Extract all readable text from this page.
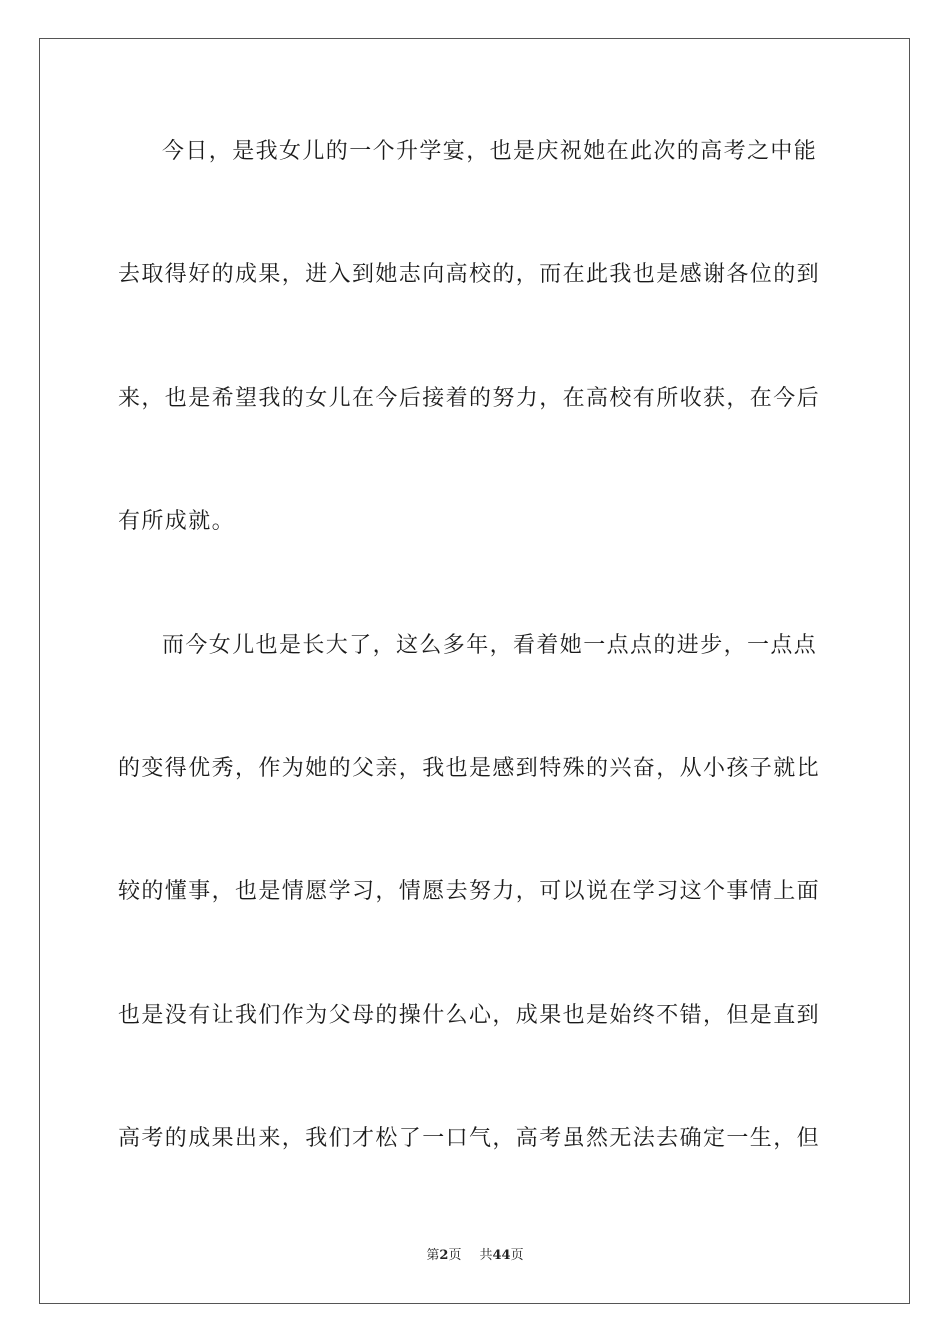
今日，是我女儿的一个升学宴，也是庆祝她在此次的高考之中能
去取得好的成果，进入到她志向高校的，而在此我也是感谢各位的到
来，也是希望我的女儿在今后接着的努力，在高校有所收获，在今后
有所成就。
而今女儿也是长大了，这么多年，看着她一点点的进步，一点点
的变得优秀，作为她的父亲，我也是感到特殊的兴奋，从小孩子就比
较的懂事，也是情愿学习，情愿去努力，可以说在学习这个事情上面
也是没有让我们作为父母的操什么心，成果也是始终不错，但是直到
高考的成果出来，我们才松了一口气，高考虽然无法去确定一生，但
第2页 共44页
